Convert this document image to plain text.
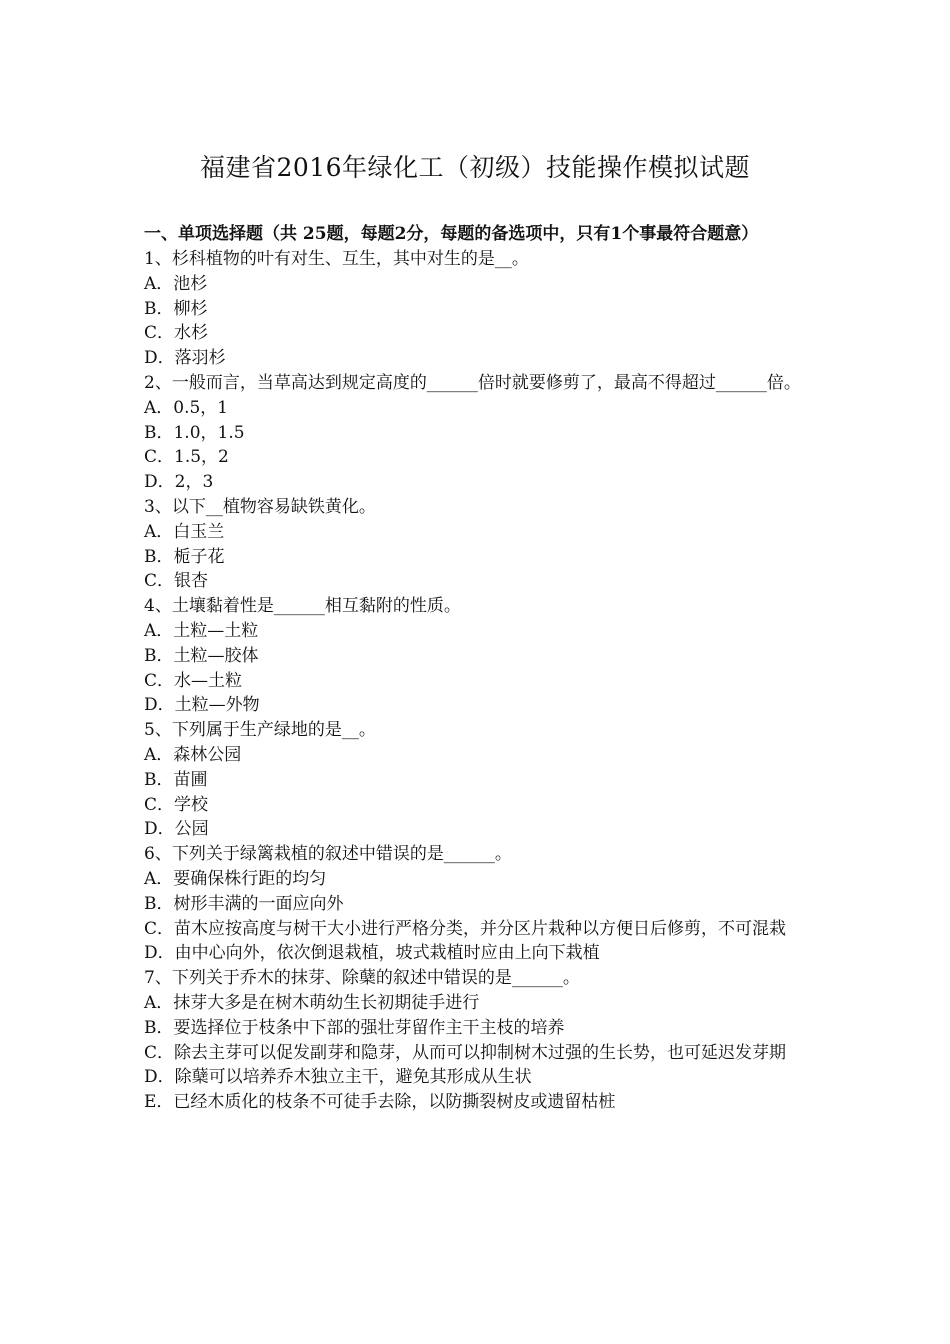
福建省2016年绿化工（初级）技能操作模拟试题
一、单项选择题（共 25题，每题2分，每题的备选项中，只有1个事最符合题意）

1、杉科植物的叶有对生、互生，其中对生的是__。

A．池杉

B．柳杉

C．水杉

D．落羽杉

2、一般而言，当草高达到规定高度的______倍时就要修剪了，最高不得超过______倍。

A．0.5，1

B．1.0，1.5

C．1.5，2

D．2，3

3、以下__植物容易缺铁黄化。

A．白玉兰

B．栀子花

C．银杏

4、土壤黏着性是______相互黏附的性质。

A．土粒—土粒

B．土粒—胶体

C．水—土粒

D．土粒—外物

5、下列属于生产绿地的是__。

A．森林公园

B．苗圃

C．学校

D．公园

6、下列关于绿篱栽植的叙述中错误的是______。

A．要确保株行距的均匀

B．树形丰满的一面应向外

C．苗木应按高度与树干大小进行严格分类，并分区片栽种以方便日后修剪，不可混栽

D．由中心向外，依次倒退栽植，坡式栽植时应由上向下栽植

7、下列关于乔木的抹芽、除蘖的叙述中错误的是______。

A．抹芽大多是在树木萌幼生长初期徒手进行

B．要选择位于枝条中下部的强壮芽留作主干主枝的培养

C．除去主芽可以促发副芽和隐芽，从而可以抑制树木过强的生长势，也可延迟发芽期

D．除蘖可以培养乔木独立主干，避免其形成从生状

E．已经木质化的枝条不可徒手去除，以防撕裂树皮或遗留枯桩
